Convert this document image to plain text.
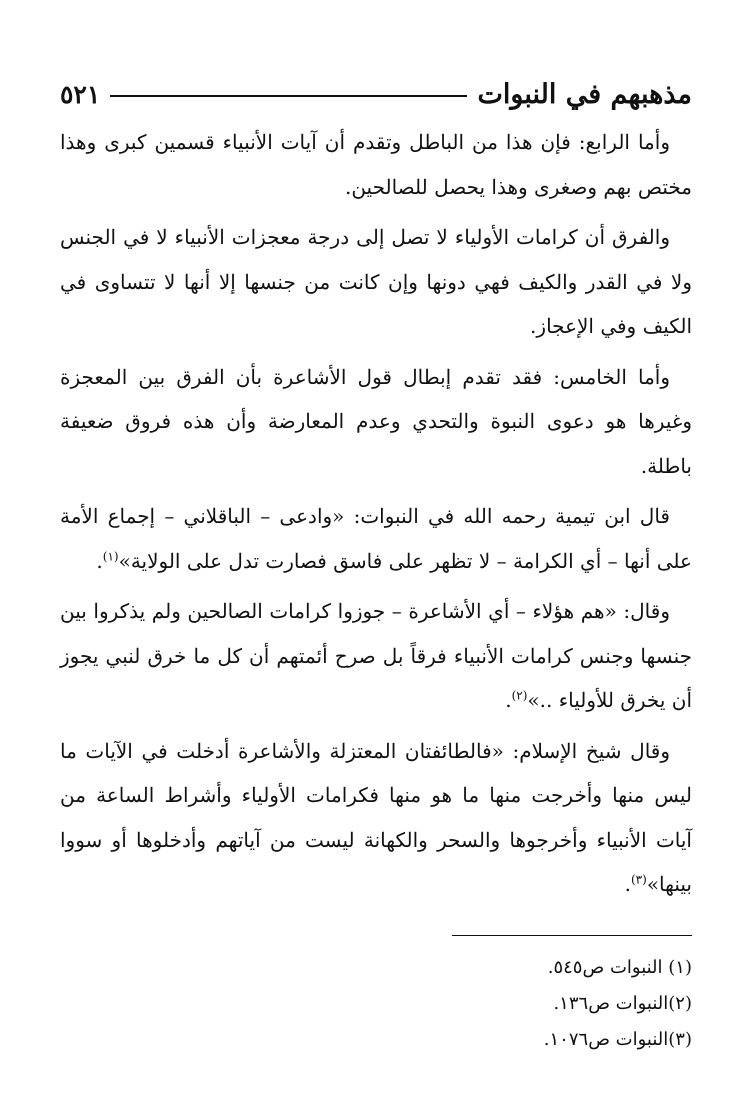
مذهبهم في النبوات
٥٢١

وأما الرابع: فإن هذا من الباطل وتقدم أن آيات الأنبياء قسمين كبرى وهذا مختص بهم وصغرى وهذا يحصل للصالحين.

والفرق أن كرامات الأولياء لا تصل إلى درجة معجزات الأنبياء لا في الجنس ولا في القدر والكيف فهي دونها وإن كانت من جنسها إلا أنها لا تتساوى في الكيف وفي الإعجاز.

وأما الخامس: فقد تقدم إبطال قول الأشاعرة بأن الفرق بين المعجزة وغيرها هو دعوى النبوة والتحدي وعدم المعارضة وأن هذه فروق ضعيفة باطلة.

قال ابن تيمية رحمه الله في النبوات: «وادعى – الباقلاني – إجماع الأمة على أنها – أي الكرامة – لا تظهر على فاسق فصارت تدل على الولاية»$^{(١)}$.

وقال: «هم هؤلاء – أي الأشاعرة – جوزوا كرامات الصالحين ولم يذكروا بين جنسها وجنس كرامات الأنبياء فرقاً بل صرح أئمتهم أن كل ما خرق لنبي يجوز أن يخرق للأولياء ..»$^{(٢)}$.

وقال شيخ الإسلام: «فالطائفتان المعتزلة والأشاعرة أدخلت في الآيات ما ليس منها وأخرجت منها ما هو منها فكرامات الأولياء وأشراط الساعة من آيات الأنبياء وأخرجوها والسحر والكهانة ليست من آياتهم وأدخلوها أو سووا بينها»$^{(٣)}$.

(١) النبوات ص٥٤٥.

(٢)النبوات ص١٣٦.

(٣)النبوات ص١٠٧٦.
